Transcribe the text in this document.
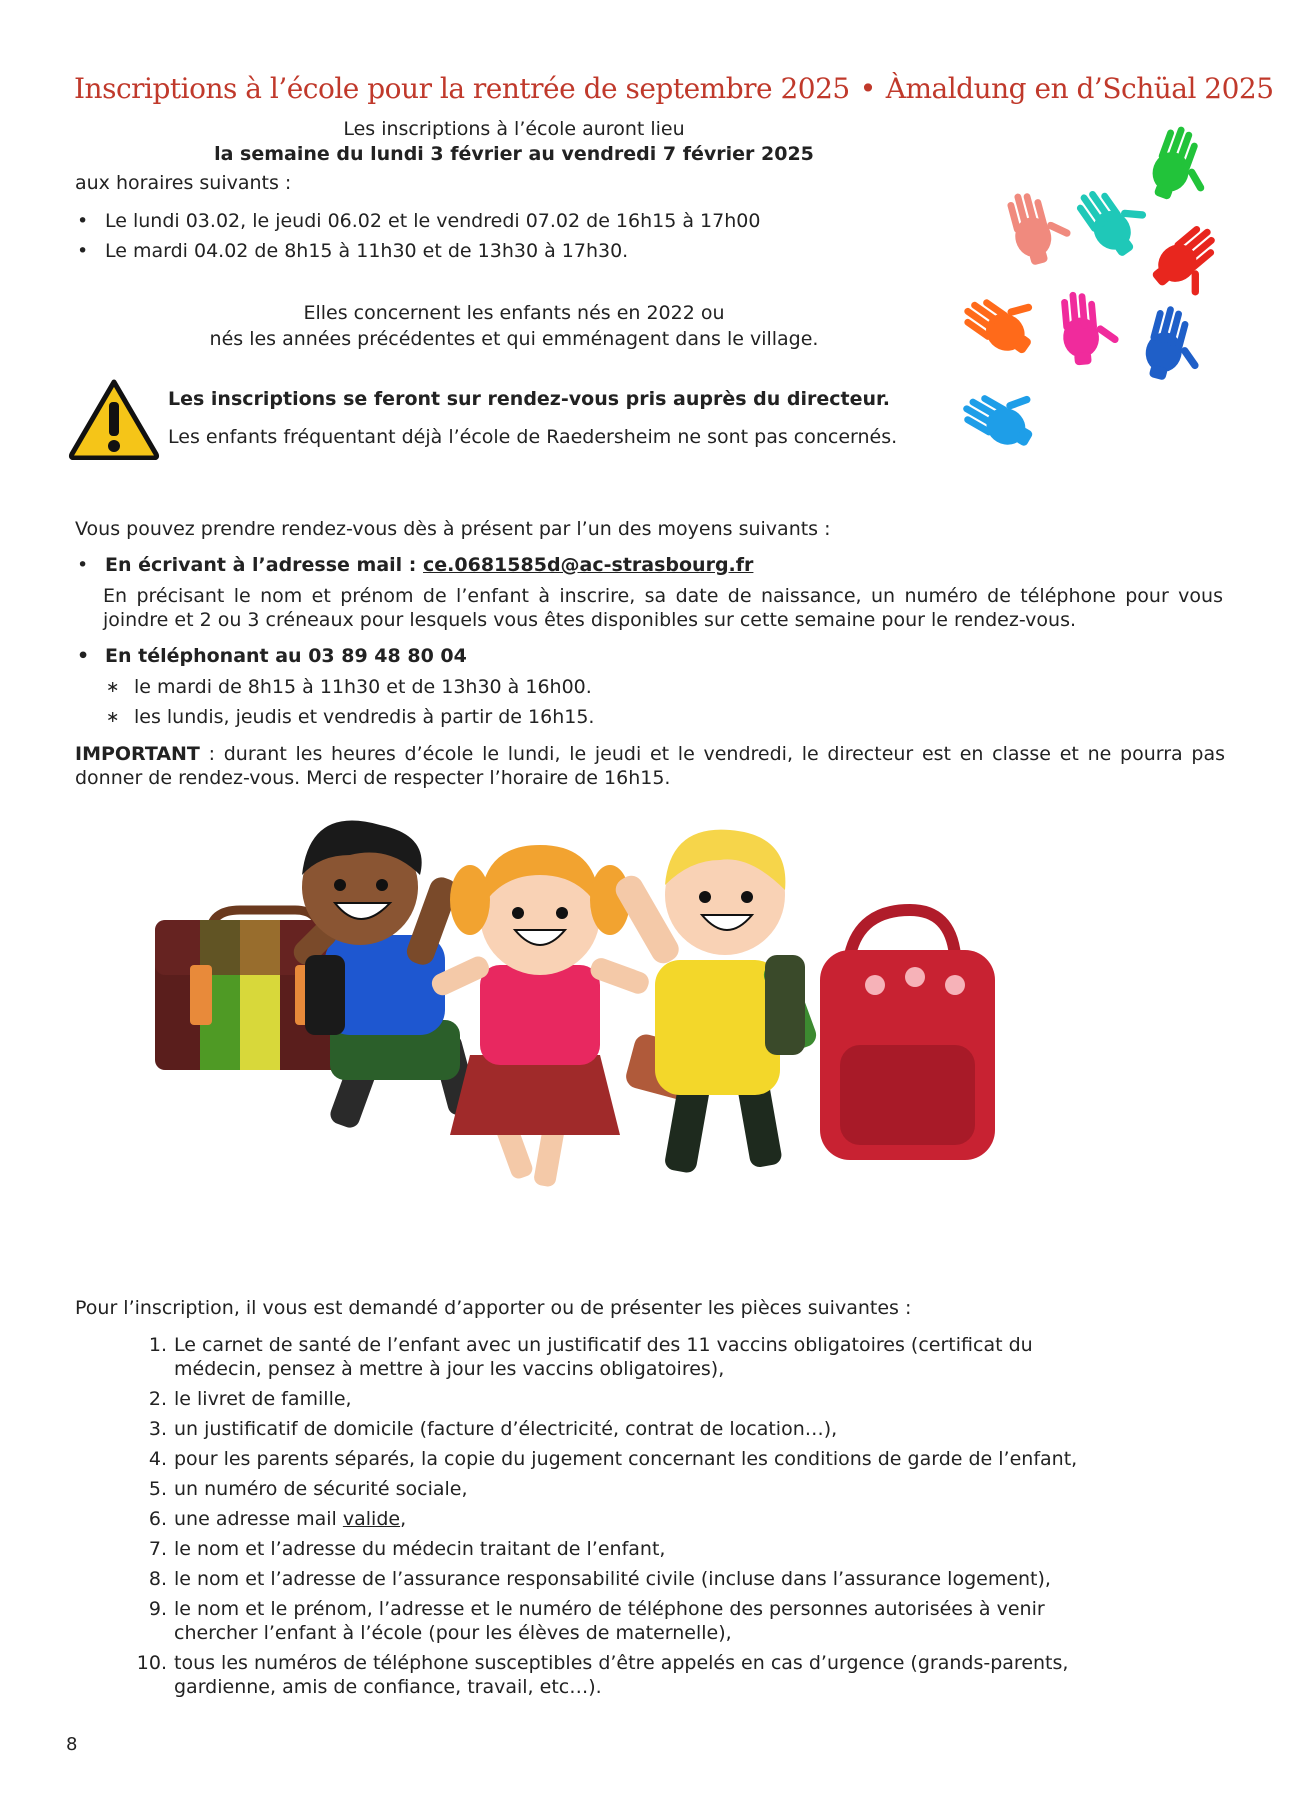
Inscriptions à l’école pour la rentrée de septembre 2025 • Àmaldung en d’Schüal 2025
Les inscriptions à l’école auront lieu
la semaine du lundi 3 février au vendredi 7 février 2025
aux horaires suivants :
• Le lundi 03.02, le jeudi 06.02 et le vendredi 07.02 de 16h15 à 17h00
• Le mardi 04.02 de 8h15 à 11h30 et de 13h30 à 17h30.
Elles concernent les enfants nés en 2022 ou
nés les années précédentes et qui emménagent dans le village.
Les inscriptions se feront sur rendez-vous pris auprès du directeur.
Les enfants fréquentant déjà l’école de Raedersheim ne sont pas concernés.
Vous pouvez prendre rendez-vous dès à présent par l’un des moyens suivants :
• En écrivant à l’adresse mail : ce.0681585d@ac-strasbourg.fr
En précisant le nom et prénom de l’enfant à inscrire, sa date de naissance, un numéro de téléphone pour vous joindre et 2 ou 3 créneaux pour lesquels vous êtes disponibles sur cette semaine pour le rendez-vous.
• En téléphonant au 03 89 48 80 04
∗ le mardi de 8h15 à 11h30 et de 13h30 à 16h00.
∗ les lundis, jeudis et vendredis à partir de 16h15.
IMPORTANT : durant les heures d’école le lundi, le jeudi et le vendredi, le directeur est en classe et ne pourra pas donner de rendez-vous. Merci de respecter l’horaire de 16h15.
Pour l’inscription, il vous est demandé d’apporter ou de présenter les pièces suivantes :
1. Le carnet de santé de l’enfant avec un justificatif des 11 vaccins obligatoires (certificat du médecin, pensez à mettre à jour les vaccins obligatoires),
2. le livret de famille,
3. un justificatif de domicile (facture d’électricité, contrat de location…),
4. pour les parents séparés, la copie du jugement concernant les conditions de garde de l’enfant,
5. un numéro de sécurité sociale,
6. une adresse mail valide,
7. le nom et l’adresse du médecin traitant de l’enfant,
8. le nom et l’adresse de l’assurance responsabilité civile (incluse dans l’assurance logement),
9. le nom et le prénom, l’adresse et le numéro de téléphone des personnes autorisées à venir chercher l’enfant à l’école (pour les élèves de maternelle),
10. tous les numéros de téléphone susceptibles d’être appelés en cas d’urgence (grands-parents, gardienne, amis de confiance, travail, etc…).
8
